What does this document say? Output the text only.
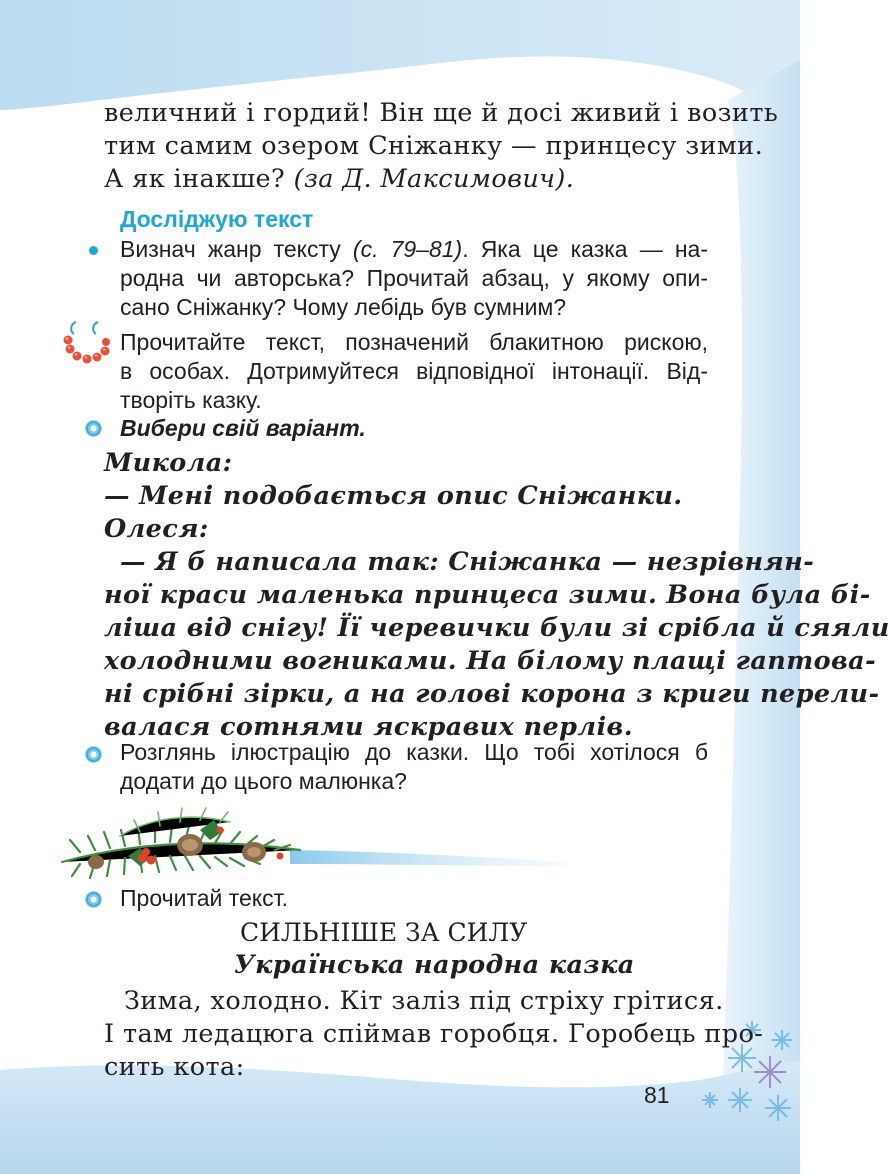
величний і гордий! Він ще й досі живий і возить
тим самим озером Сніжанку — принцесу зими.
А як інакше? (за Д. Максимович).
Досліджую текст
Визнач жанр тексту (с. 79–81). Яка це казка — на-
родна чи авторська? Прочитай абзац, у якому опи-
сано Сніжанку? Чому лебідь був сумним?
Прочитайте текст, позначений блакитною рискою,
в особах. Дотримуйтеся відповідної інтонації. Від-
творіть казку.
Вибери свій варіант.
Микола:
— Мені подобається опис Сніжанки.
Олеся:
— Я б написала так: Сніжанка — незрівнян-
ної краси маленька принцеса зими. Вона була бі-
ліша від снігу! Її черевички були зі срібла й сяяли
холодними вогниками. На білому плащі гаптова-
ні срібні зірки, а на голові корона з криги перели-
валася сотнями яскравих перлів.
Розглянь ілюстрацію до казки. Що тобі хотілося б
додати до цього малюнка?
Прочитай текст.
СИЛЬНІШЕ ЗА СИЛУ
Українська народна казка
Зима, холодно. Кіт заліз під стріху грітися.
І там ледацюга спіймав горобця. Горобець про-
сить кота:
81
